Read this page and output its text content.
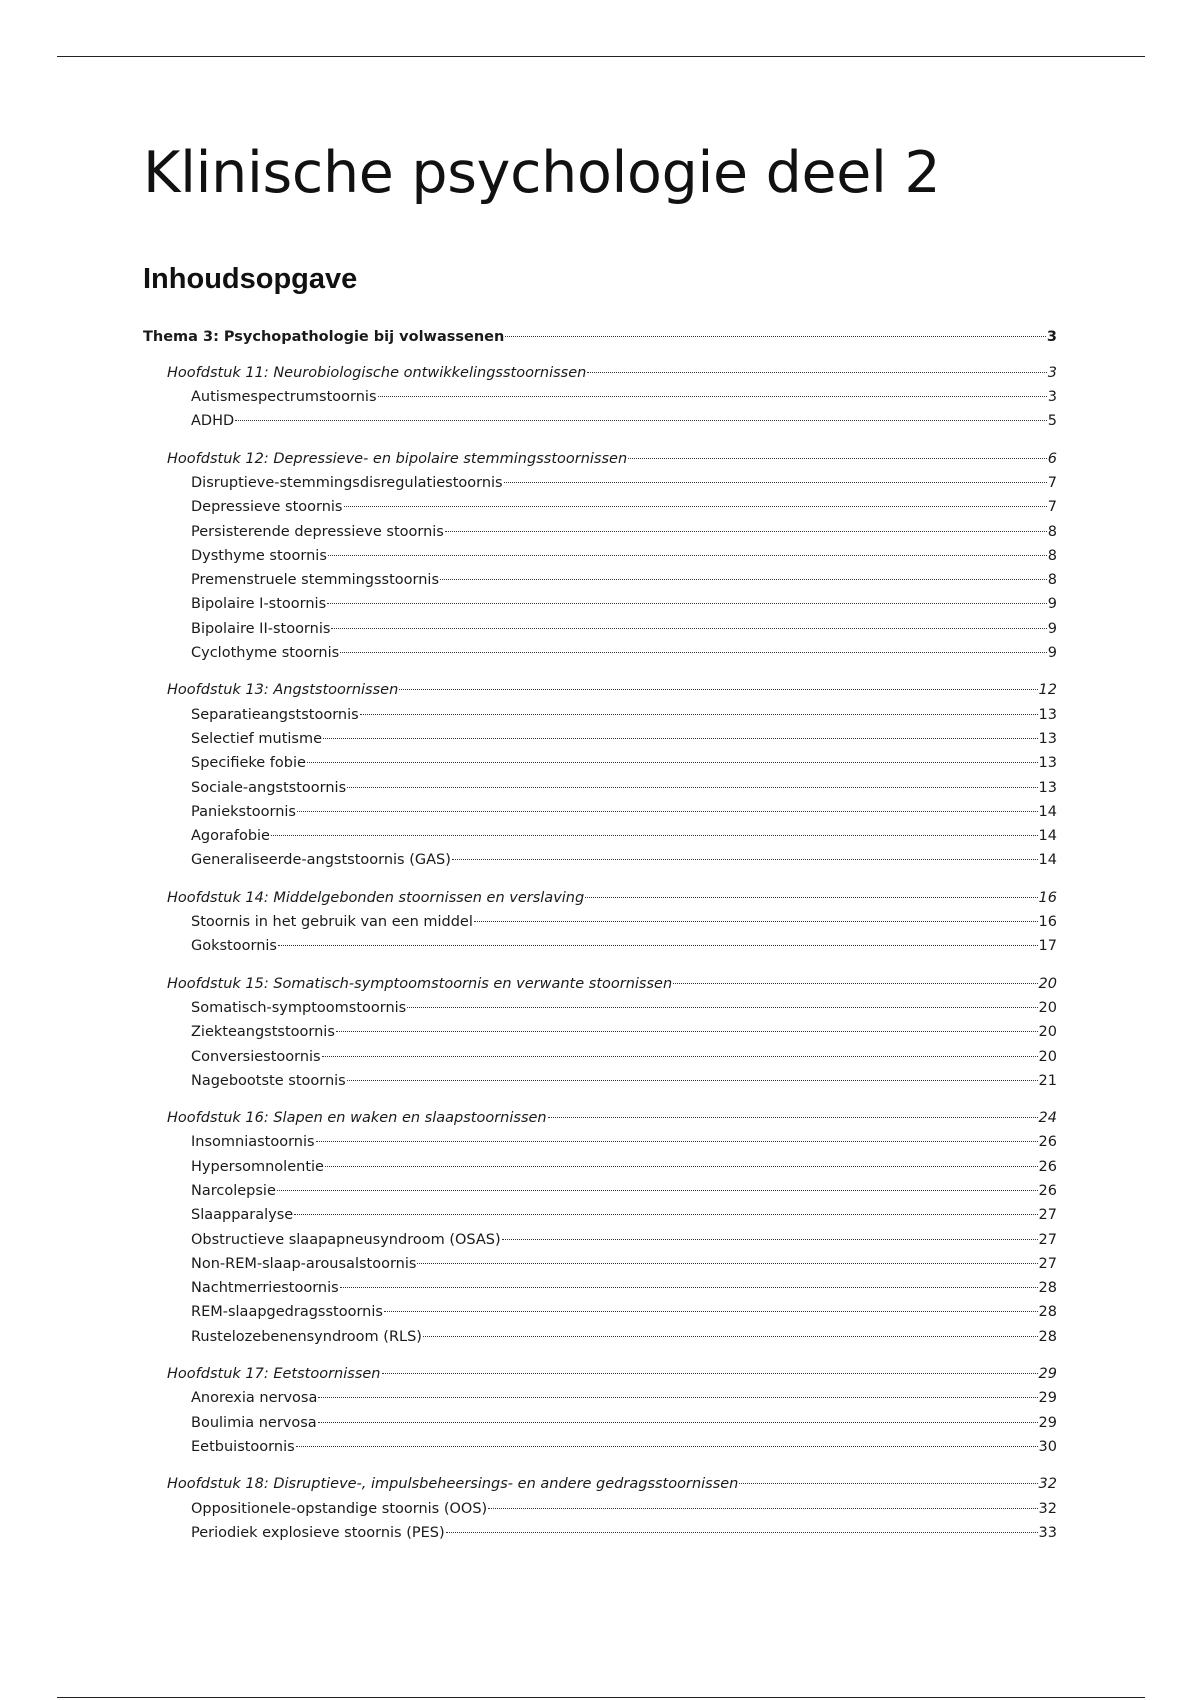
Klinische psychologie deel 2
Inhoudsopgave
Thema 3: Psychopathologie bij volwassenen	3
Hoofdstuk 11: Neurobiologische ontwikkelingsstoornissen	3
Autismespectrumstoornis	3
ADHD	5
Hoofdstuk 12: Depressieve- en bipolaire stemmingsstoornissen	6
Disruptieve-stemmingsdisregulatiestoornis	7
Depressieve stoornis	7
Persisterende depressieve stoornis	8
Dysthyme stoornis	8
Premenstruele stemmingsstoornis	8
Bipolaire I-stoornis	9
Bipolaire II-stoornis	9
Cyclothyme stoornis	9
Hoofdstuk 13: Angststoornissen	12
Separatieangststoornis	13
Selectief mutisme	13
Specifieke fobie	13
Sociale-angststoornis	13
Paniekstoornis	14
Agorafobie	14
Generaliseerde-angststoornis (GAS)	14
Hoofdstuk 14: Middelgebonden stoornissen en verslaving	16
Stoornis in het gebruik van een middel	16
Gokstoornis	17
Hoofdstuk 15: Somatisch-symptoomstoornis en verwante stoornissen	20
Somatisch-symptoomstoornis	20
Ziekteangststoornis	20
Conversiestoornis	20
Nagebootste stoornis	21
Hoofdstuk 16: Slapen en waken en slaapstoornissen	24
Insomniastoornis	26
Hypersomnolentie	26
Narcolepsie	26
Slaapparalyse	27
Obstructieve slaapapneusyndroom (OSAS)	27
Non-REM-slaap-arousalstoornis	27
Nachtmerriestoornis	28
REM-slaapgedragsstoornis	28
Rustelozebenensyndroom (RLS)	28
Hoofdstuk 17: Eetstoornissen	29
Anorexia nervosa	29
Boulimia nervosa	29
Eetbuistoornis	30
Hoofdstuk 18: Disruptieve-, impulsbeheersings- en andere gedragsstoornissen	32
Oppositionele-opstandige stoornis (OOS)	32
Periodiek explosieve stoornis (PES)	33
